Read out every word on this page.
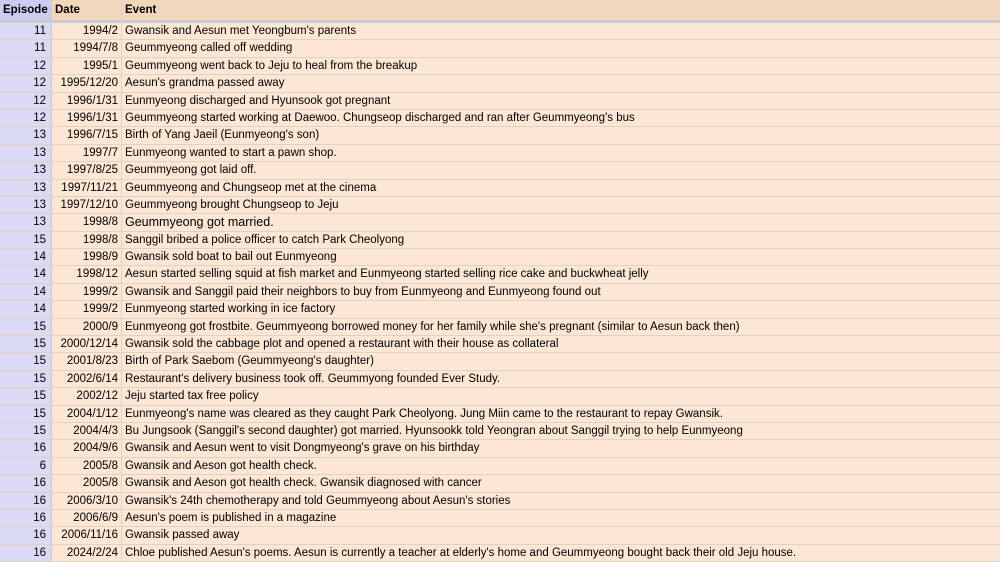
Episode Date	Event
11	1994/2 Gwansik and Aesun met Yeongbum's parents
11	1994/7/8 Geummyeong called off wedding
12	1995/1 Geummyeong went back to Jeju to heal from the breakup
12	1995/12/20 Aesun's grandma passed away
12	1996/1/31 Eunmyeong discharged and Hyunsook got pregnant
12	1996/1/31 Geummyeong started working at Daewoo. Chungseop discharged and ran after Geummyeong's bus
13	1996/7/15 Birth of Yang Jaeil (Eunmyeong's son)
13	1997/7 Eunmyeong wanted to start a pawn shop.
13	1997/8/25 Geummyeong got laid off.
13	1997/11/21 Geummyeong and Chungseop met at the cinema
13	1997/12/10 Geummyeong brought Chungseop to Jeju
13	1998/8 Geummyeong got married.
15	1998/8 Sanggil bribed a police officer to catch Park Cheolyong
14	1998/9 Gwansik sold boat to bail out Eunmyeong
14	1998/12 Aesun started selling squid at fish market and Eunmyeong started selling rice cake and buckwheat jelly
14	1999/2 Gwansik and Sanggil paid their neighbors to buy from Eunmyeong and Eunmyeong found out
14	1999/2 Eunmyeong started working in ice factory
15	2000/9 Eunmyeong got frostbite. Geummyeong borrowed money for her family while she's pregnant (similar to Aesun back then)
15	2000/12/14 Gwansik sold the cabbage plot and opened a restaurant with their house as collateral
15	2001/8/23 Birth of Park Saebom (Geummyeong's daughter)
15	2002/6/14 Restaurant's delivery business took off. Geummyong founded Ever Study.
15	2002/12 Jeju started tax free policy
15	2004/1/12 Eunmyeong's name was cleared as they caught Park Cheolyong. Jung Miin came to the restaurant to repay Gwansik.
15	2004/4/3 Bu Jungsook (Sanggil's second daughter) got married. Hyunsookk told Yeongran about Sanggil trying to help Eunmyeong
16	2004/9/6 Gwansik and Aesun went to visit Dongmyeong's grave on his birthday
6	2005/8 Gwansik and Aeson got health check.
16	2005/8 Gwansik and Aeson got health check. Gwansik diagnosed with cancer
16	2006/3/10 Gwansik's 24th chemotherapy and told Geummyeong about Aesun's stories
16	2006/6/9 Aesun's poem is published in a magazine
16	2006/11/16 Gwansik passed away
16	2024/2/24 Chloe published Aesun's poems. Aesun is currently a teacher at elderly's home and Geummyeong bought back their old Jeju house.
